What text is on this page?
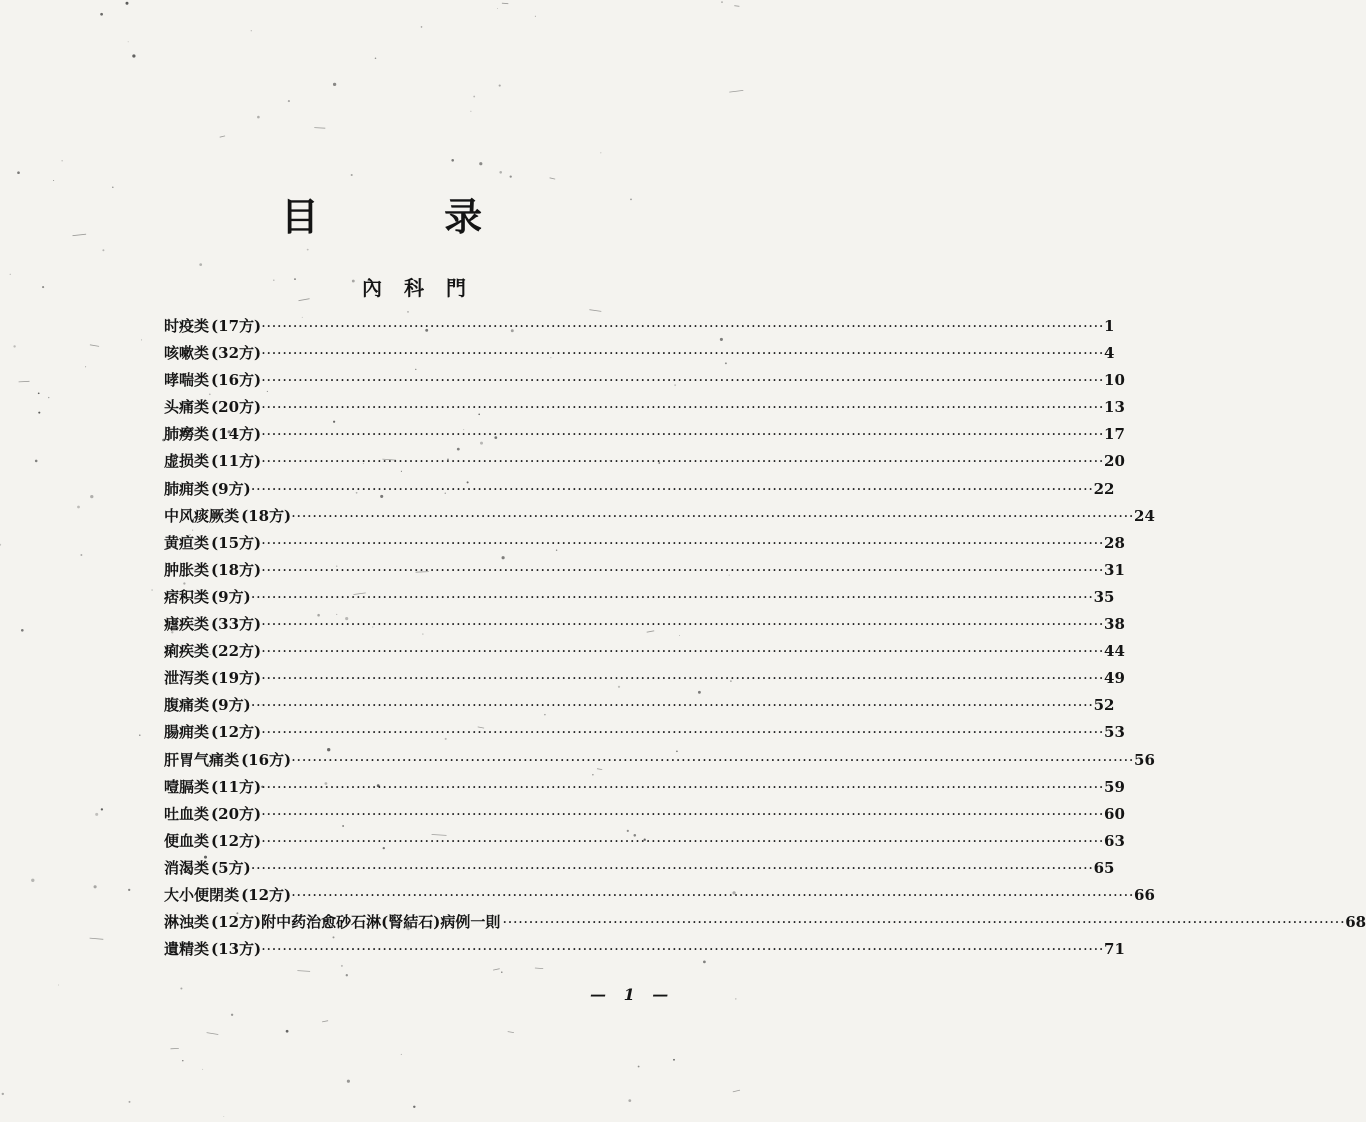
目 录
內科門
时 疫 类 (17方) ································································································································································ 1
咳 嗽 类 (32方) ································································································································································ 4
哮 喘 类 (16方) ································································································································································ 10
头 痛 类 (20方) ································································································································································ 13
肺 癆 类 (14方) ································································································································································ 17
虚 损 类 (11方) ································································································································································ 20
肺 痈 类 (9方) ································································································································································ 22
中 风 痰 厥 类 (18方) ································································································································································ 24
黄 疸 类 (15方) ································································································································································ 28
肿 胀 类 (18方) ································································································································································ 31
痞 积 类 (9方) ································································································································································ 35
瘧 疾 类 (33方) ································································································································································ 38
痢 疾 类 (22方) ································································································································································ 44
泄 泻 类 (19方) ································································································································································ 49
腹 痛 类 (9方) ································································································································································ 52
腸 痈 类 (12方) ································································································································································ 53
肝 胃 气 痛 类 (16方) ································································································································································ 56
噎 膈 类 (11方) ································································································································································ 59
吐 血 类 (20方) ································································································································································ 60
便 血 类 (12方) ································································································································································ 63
消 渴 类 (5方) ································································································································································ 65
大 小 便 閉 类 (12方) ································································································································································ 66
淋 浊 类 (12方) 附中药治愈砂石淋(腎結石)病例一則 ································································································································································ 68
遺 精 类 (13方) ································································································································································ 71
— 1 —
